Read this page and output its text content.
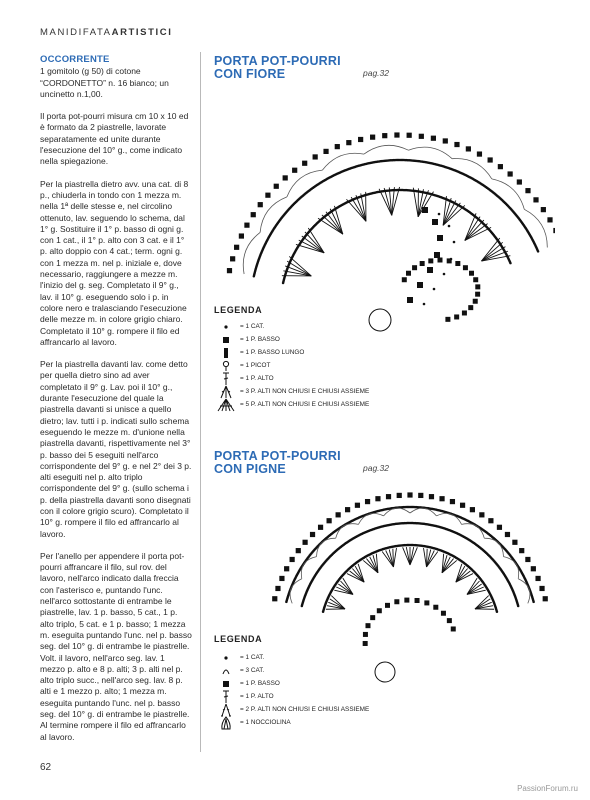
MANIDIFATAARTISTICI
OCCORRENTE
1 gomitolo (g 50) di cotone “CORDONETTO” n. 16 bianco; un uncinetto n.1,00.
Il porta pot-pourri misura cm 10 x 10 ed è formato da 2 piastrelle, lavorate separatamente ed unite durante l'esecuzione del 10° g., come indicato nella spiegazione.
Per la piastrella dietro avv. una cat. di 8 p., chiuderla in tondo con 1 mezza m. nella 1ª delle stesse e, nel circolino ottenuto, lav. seguendo lo schema, dal 1° g. Sostituire il 1° p. basso di ogni g. con 1 cat., il 1° p. alto con 3 cat. e il 1° p. alto doppio con 4 cat.; term. ogni g. con 1 mezza m. nel p. iniziale e, dove necessario, raggiungere a mezze m. l'inizio del g. seg. Completato il 9° g., lav. il 10° g. eseguendo solo i p. in colore nero e tralasciando l'esecuzione delle mezze m. in colore grigio chiaro. Completato il 10° g. rompere il filo ed affrancarlo al lavoro.
Per la piastrella davanti lav. come detto per quella dietro sino ad aver completato il 9° g. Lav. poi il 10° g., durante l'esecuzione del quale la piastrella davanti si unisce a quello dietro; lav. tutti i p. indicati sullo schema eseguendo le mezze m. d'unione nella piastrella davanti, rispettivamente nel 3° p. basso dei 5 eseguiti nell'arco corrispondente del 9° g. e nel 2° dei 3 p. alti eseguiti nel p. alto triplo corrispondente del 9° g. (sullo schema i p. della piastrella davanti sono disegnati con il colore grigio scuro). Completato il 10° g. rompere il filo ed affrancarlo al lavoro.
Per l'anello per appendere il porta pot-pourri affrancare il filo, sul rov. del lavoro, nell'arco indicato dalla freccia con l'asterisco e, puntando l'unc. nell'arco sottostante di entrambe le piastrelle, lav. 1 p. basso, 5 cat., 1 p. alto triplo, 5 cat. e 1 p. basso; 1 mezza m. eseguita puntando l'unc. nel p. basso seg. del 10° g. di entrambe le piastrelle. Volt. il lavoro, nell'arco seg. lav. 1 mezzo p. alto e 8 p. alti; 3 p. alti nel p. alto triplo succ., nell'arco seg. lav. 8 p. alti e 1 mezzo p. alto; 1 mezza m. eseguita puntando l'unc. nel p. basso seg. del 10° g. di entrambe le piastrelle. Al termine rompere il filo ed affrancarlo al lavoro.
PORTA POT-POURRI
CON FIORE	pag.32
LEGENDA
= 1 CAT.
= 1 P. BASSO
= 1 P. BASSO LUNGO
= 1 PICOT
= 1 P. ALTO
= 3 P. ALTI NON CHIUSI E CHIUSI ASSIEME
= 5 P. ALTI NON CHIUSI E CHIUSI ASSIEME
PORTA POT-POURRI
CON PIGNE	pag.32
LEGENDA
= 1 CAT.
= 3 CAT.
= 1 P. BASSO
= 1 P. ALTO
= 2 P. ALTI NON CHIUSI E CHIUSI ASSIEME
= 1 NOCCIOLINA
62
PassionForum.ru
